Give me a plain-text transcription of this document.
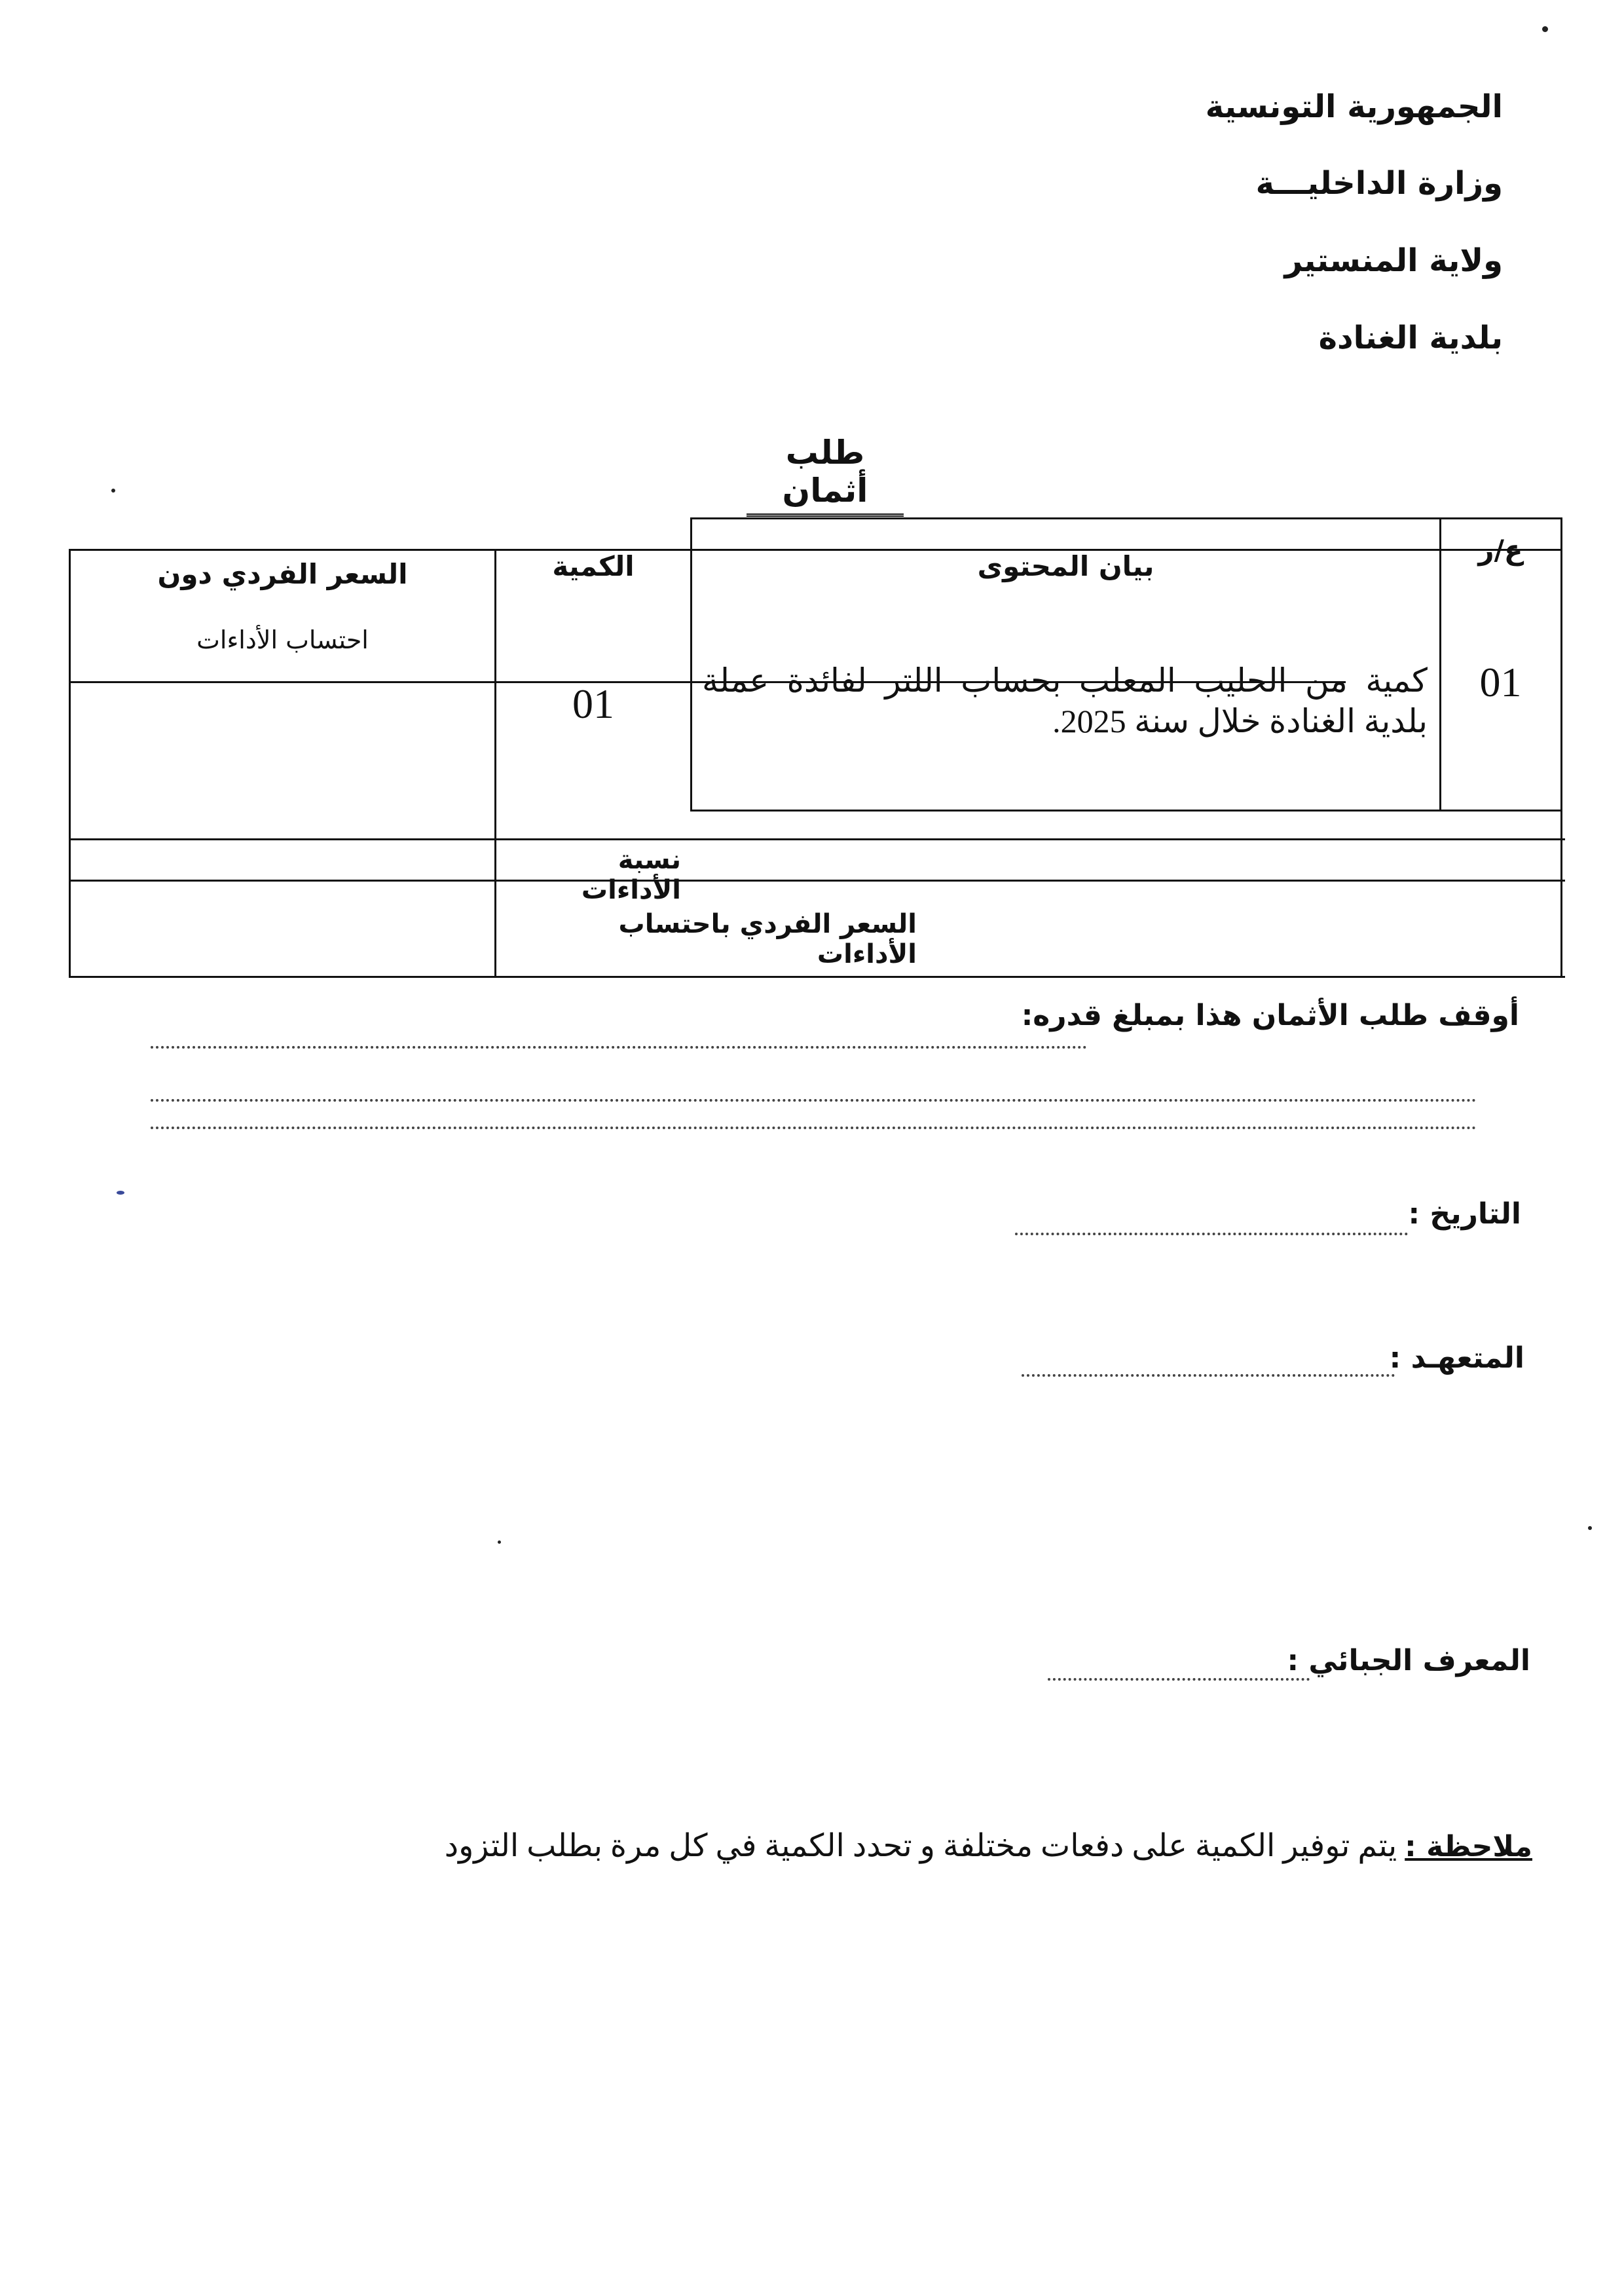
الجمهورية التونسية
وزارة الداخليـــة
ولاية المنستير
بلدية الغنادة
طلب أثمان
ع/ر
بيان المحتوى
الكمية
السعر الفردي دون
احتساب الأداءات
01
كمية من الحليب المعلب بحساب اللتر لفائدة عملة بلدية الغنادة خلال سنة 2025.
01
نسبة الأداءات
السعر الفردي باحتساب الأداءات
أوقف طلب الأثمان هذا بمبلغ قدره:
التاريخ :
المتعهـد :
المعرف الجبائي :
ملاحظة : يتم توفير الكمية على دفعات مختلفة و تحدد الكمية في كل مرة بطلب التزود
